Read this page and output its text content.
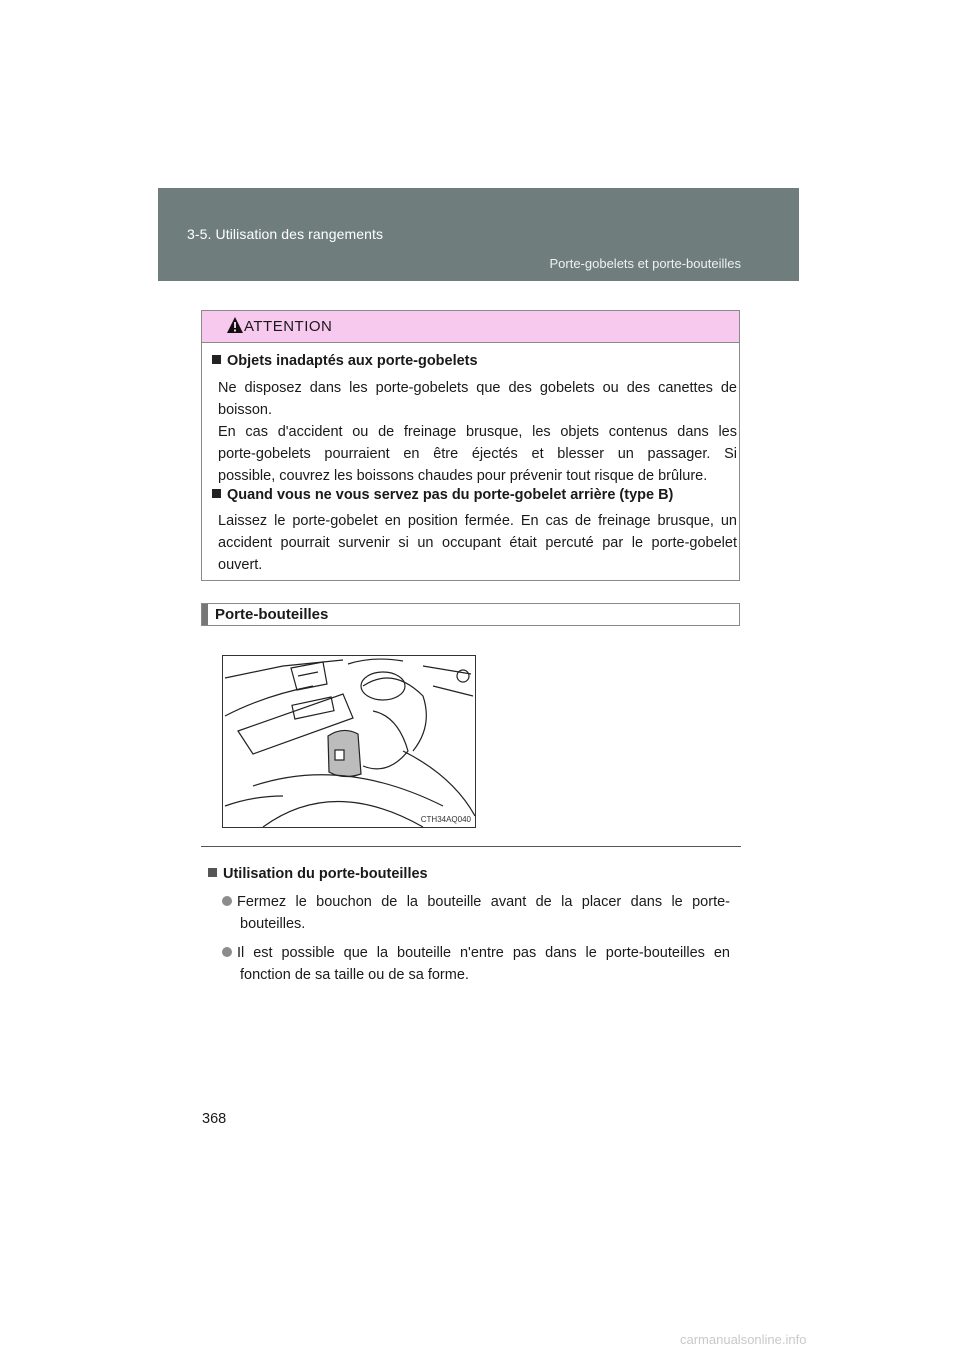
3-5. Utilisation des rangements
Porte-gobelets et porte-bouteilles
ATTENTION
Objets inadaptés aux porte-gobelets
Ne disposez dans les porte-gobelets que des gobelets ou des canettes de
boisson.
En cas d'accident ou de freinage brusque, les objets contenus dans les
porte-gobelets pourraient en être éjectés et blesser un passager. Si
possible, couvrez les boissons chaudes pour prévenir tout risque de brûlure.
Quand vous ne vous servez pas du porte-gobelet arrière (type B)
Laissez le porte-gobelet en position fermée. En cas de freinage brusque, un
accident pourrait survenir si un occupant était percuté par le porte-gobelet
ouvert.
Porte-bouteilles
CTH34AQ040
Utilisation du porte-bouteilles
Fermez le bouchon de la bouteille avant de la placer dans le porte-
bouteilles.
Il est possible que la bouteille n'entre pas dans le porte-bouteilles en
fonction de sa taille ou de sa forme.
368
carmanualsonline.info
